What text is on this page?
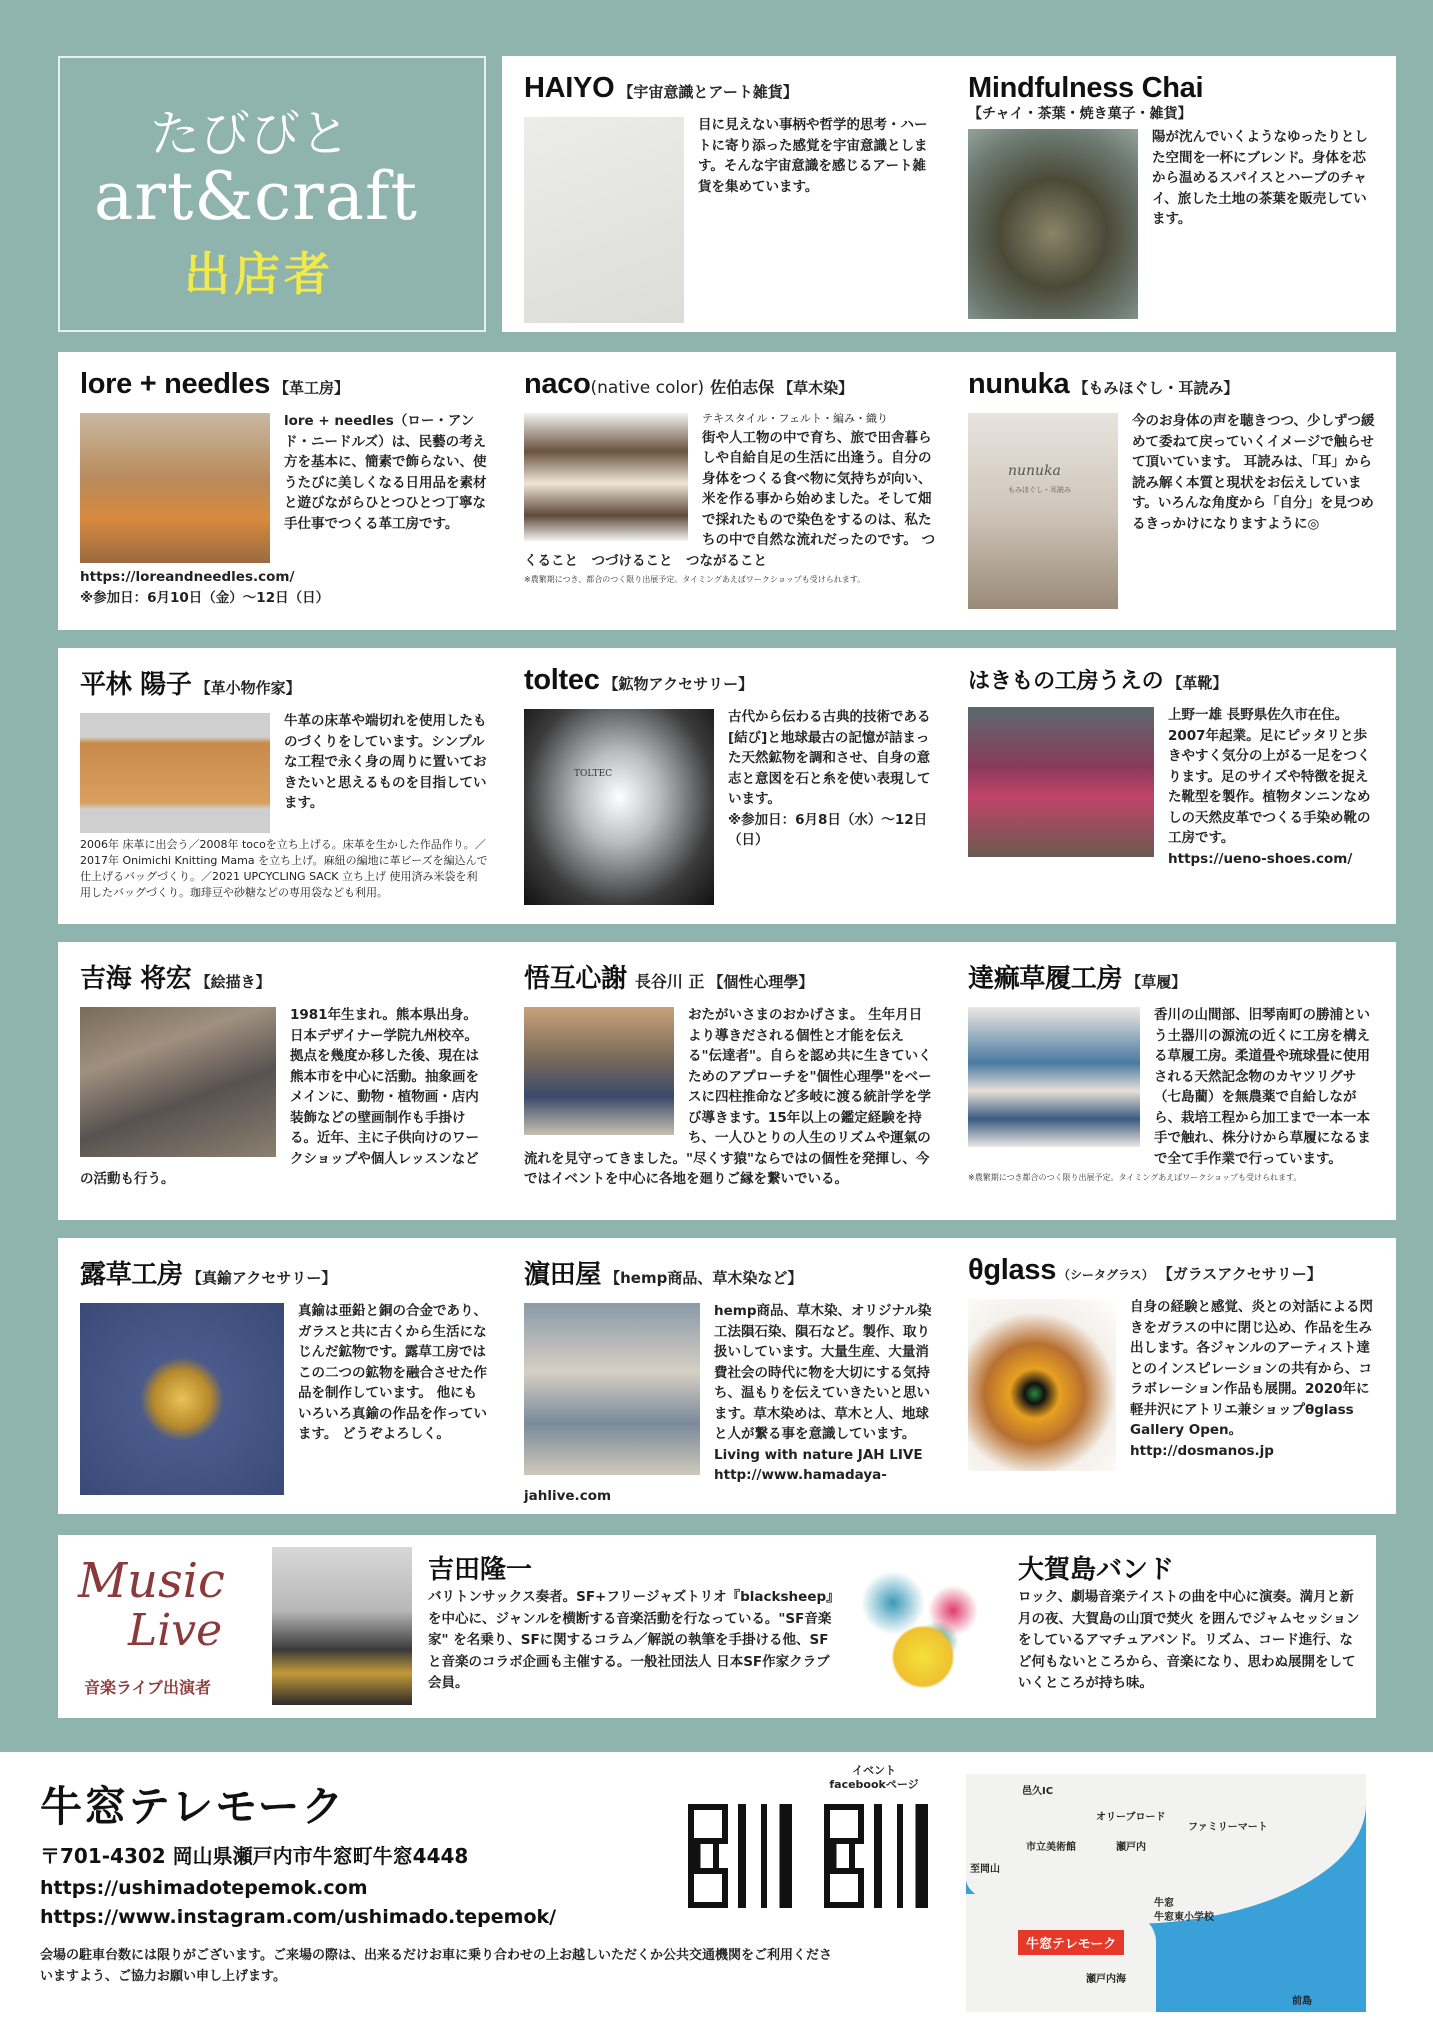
たびびと
art&craft
出店者
HAIYO 【宇宙意識とアート雑貨】
目に見えない事柄や哲学的思考・ハートに寄り添った感覚を宇宙意識とします。そんな宇宙意識を感じるアート雑貨を集めています。
Mindfulness Chai
【チャイ・茶葉・焼き菓子・雑貨】
陽が沈んでいくようなゆったりとした空間を一杯にブレンド。身体を芯から温めるスパイスとハーブのチャイ、旅した土地の茶葉を販売しています。
lore + needles 【革工房】
lore + needles（ロー・アンド・ニードルズ）は、民藝の考え方を基本に、簡素で飾らない、使うたびに美しくなる日用品を素材と遊びながらひとつひとつ丁寧な手仕事でつくる革工房です。 https://loreandneedles.com/
※参加日：6月10日（金）〜12日（日）
naco (native color) 佐伯志保 【草木染】
テキスタイル・フェルト・編み・織り
街や人工物の中で育ち、旅で田舎暮らしや自給自足の生活に出逢う。自分の身体をつくる食べ物に気持ちが向い、米を作る事から始めました。そして畑で採れたもので染色をするのは、私たちの中で自然な流れだったのです。 つくること　つづけること　つながること
※農繁期につき、都合のつく限り出展予定。タイミングあえばワークショップも受けられます。
nunuka 【もみほぐし・耳読み】
nunuka
もみほぐし・耳読み
今のお身体の声を聴きつつ、少しずつ緩めて委ねて戻っていくイメージで触らせて頂いています。 耳読みは、「耳」から読み解く本質と現状をお伝えしています。いろんな角度から「自分」を見つめるきっかけになりますように◎
平林 陽子 【革小物作家】
牛革の床革や端切れを使用したものづくりをしています。シンプルな工程で永く身の周りに置いておきたいと思えるものを目指しています。
2006年 床革に出会う／2008年 tocoを立ち上げる。床革を生かした作品作り。／2017年 Onimichi Knitting Mama を立ち上げ。麻紐の編地に革ビーズを編込んで仕上げるバッグづくり。／2021 UPCYCLING SACK 立ち上げ 使用済み米袋を利用したバッグづくり。珈琲豆や砂糖などの専用袋なども利用。
toltec 【鉱物アクセサリー】
TOLTEC
古代から伝わる古典的技術である[結び]と地球最古の記憶が詰まった天然鉱物を調和させ、自身の意志と意図を石と糸を使い表現しています。
※参加日：6月8日（水）〜12日（日）
はきもの工房うえの 【革靴】
上野一雄 長野県佐久市在住。2007年起業。足にピッタリと歩きやすく気分の上がる一足をつくります。足のサイズや特徴を捉えた靴型を製作。植物タンニンなめしの天然皮革でつくる手染め靴の工房です。
https://ueno-shoes.com/
吉海 将宏 【絵描き】
1981年生まれ。熊本県出身。日本デザイナー学院九州校卒。拠点を幾度か移した後、現在は熊本市を中心に活動。抽象画をメインに、動物・植物画・店内装飾などの壁画制作も手掛ける。近年、主に子供向けのワークショップや個人レッスンなどの活動も行う。
悟互心謝 長谷川 正 【個性心理學】
おたがいさまのおかげさま。 生年月日より導きだされる個性と才能を伝える"伝達者"。自らを認め共に生きていくためのアプローチを"個性心理學"をベースに四柱推命など多岐に渡る統計学を学び導きます。15年以上の鑑定経験を持ち、一人ひとりの人生のリズムや運氣の流れを見守ってきました。"尽くす猿"ならではの個性を発揮し、今ではイベントを中心に各地を廻りご縁を繋いでいる。
達痲草履工房 【草履】
香川の山間部、旧琴南町の勝浦という土器川の源流の近くに工房を構える草履工房。柔道畳や琉球畳に使用される天然記念物のカヤツリグサ（七島藺）を無農薬で自給しながら、栽培工程から加工まで一本一本手で触れ、株分けから草履になるまで全て手作業で行っています。
※農繁期につき都合のつく限り出展予定。タイミングあえばワークショップも受けられます。
露草工房 【真鍮アクセサリー】
真鍮は亜鉛と銅の合金であり、ガラスと共に古くから生活になじんだ鉱物です。露草工房ではこの二つの鉱物を融合させた作品を制作しています。 他にもいろいろ真鍮の作品を作っています。 どうぞよろしく。
濵田屋 【hemp商品、草木染など】
hemp商品、草木染、オリジナル染工法隕石染、隕石など。製作、取り扱いしています。大量生産、大量消費社会の時代に物を大切にする気持ち、温もりを伝えていきたいと思います。草木染めは、草木と人、地球と人が繋る事を意識しています。Living with nature JAH LIVE
http://www.hamadaya-jahlive.com
θglass （シータグラス） 【ガラスアクセサリー】
自身の経験と感覚、炎との対話による閃きをガラスの中に閉じ込め、作品を生み出します。各ジャンルのアーティスト達とのインスピレーションの共有から、コラボレーション作品も展開。2020年に軽井沢にアトリエ兼ショップθglass Gallery Open。
http://dosmanos.jp
Music
Live
音楽ライブ出演者
吉田隆一
バリトンサックス奏者。SF+フリージャズトリオ『blacksheep』を中心に、ジャンルを横断する音楽活動を行なっている。"SF音楽家" を名乗り、SFに関するコラム／解説の執筆を手掛ける他、SFと音楽のコラボ企画も主催する。一般社団法人 日本SF作家クラブ会員。
大賀島バンド
ロック、劇場音楽テイストの曲を中心に演奏。満月と新月の夜、大賀島の山頂で焚火 を囲んでジャムセッションをしているアマチュアバンド。リズム、コード進行、など何もないところから、音楽になり、思わぬ展開をしていくところが持ち味。
牛窓テレモーク
〒701-4302 岡山県瀬戸内市牛窓町牛窓4448
https://ushimadotepemok.com
https://www.instagram.com/ushimado.tepemok/
会場の駐車台数には限りがございます。ご来場の際は、出来るだけお車に乗り合わせの上お越しいただくか公共交通機関をご利用くださいますよう、ご協力お願い申し上げます。
イベント facebookページ
邑久IC
オリーブロード
市立美術館	瀬戸内
牛窓
ファミリーマート
至岡山
牛窓東小学校
瀬戸内海
前島
牛窓テレモーク
